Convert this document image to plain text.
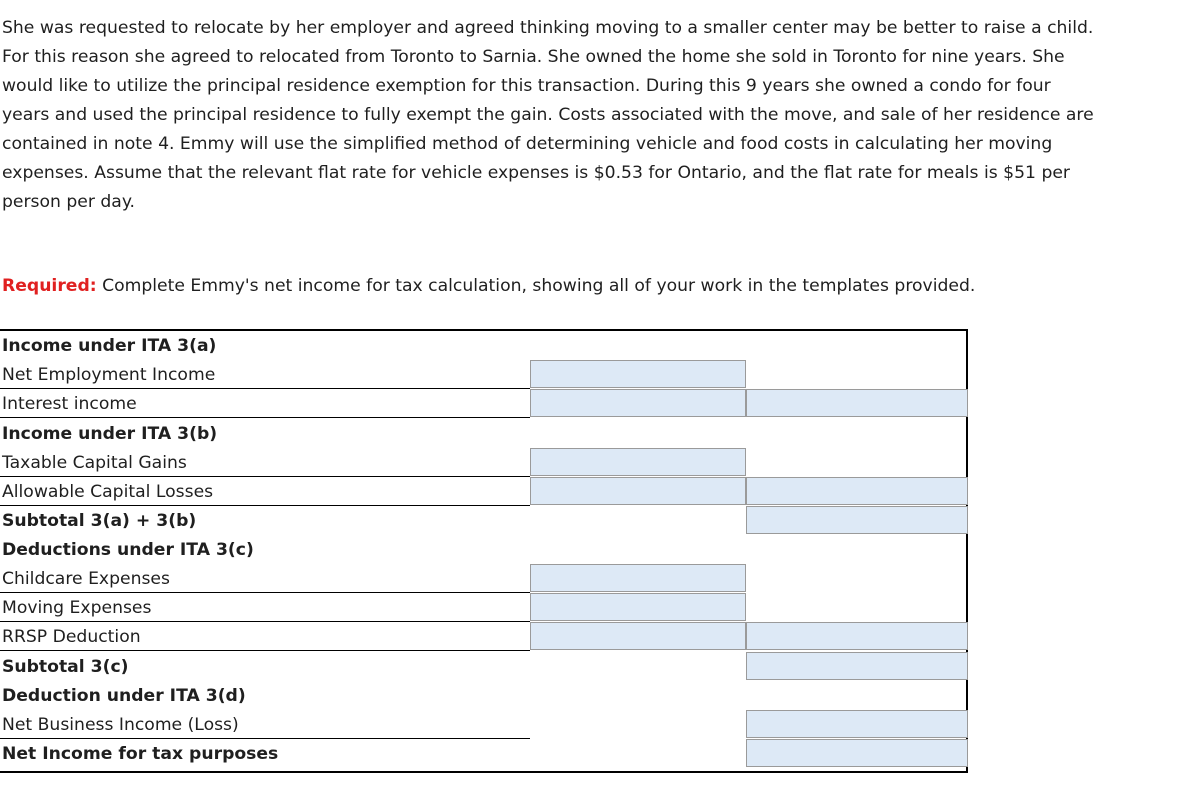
She was requested to relocate by her employer and agreed thinking moving to a smaller center may be better to raise a child.
For this reason she agreed to relocated from Toronto to Sarnia. She owned the home she sold in Toronto for nine years. She
would like to utilize the principal residence exemption for this transaction. During this 9 years she owned a condo for four
years and used the principal residence to fully exempt the gain. Costs associated with the move, and sale of her residence are
contained in note 4. Emmy will use the simplified method of determining vehicle and food costs in calculating her moving
expenses. Assume that the relevant flat rate for vehicle expenses is $0.53 for Ontario, and the flat rate for meals is $51 per
person per day.
Required: Complete Emmy's net income for tax calculation, showing all of your work in the templates provided.
Income under ITA 3(a)
Net Employment Income
Interest income
Income under ITA 3(b)
Taxable Capital Gains
Allowable Capital Losses
Subtotal 3(a) + 3(b)
Deductions under ITA 3(c)
Childcare Expenses
Moving Expenses
RRSP Deduction
Subtotal 3(c)
Deduction under ITA 3(d)
Net Business Income (Loss)
Net Income for tax purposes
